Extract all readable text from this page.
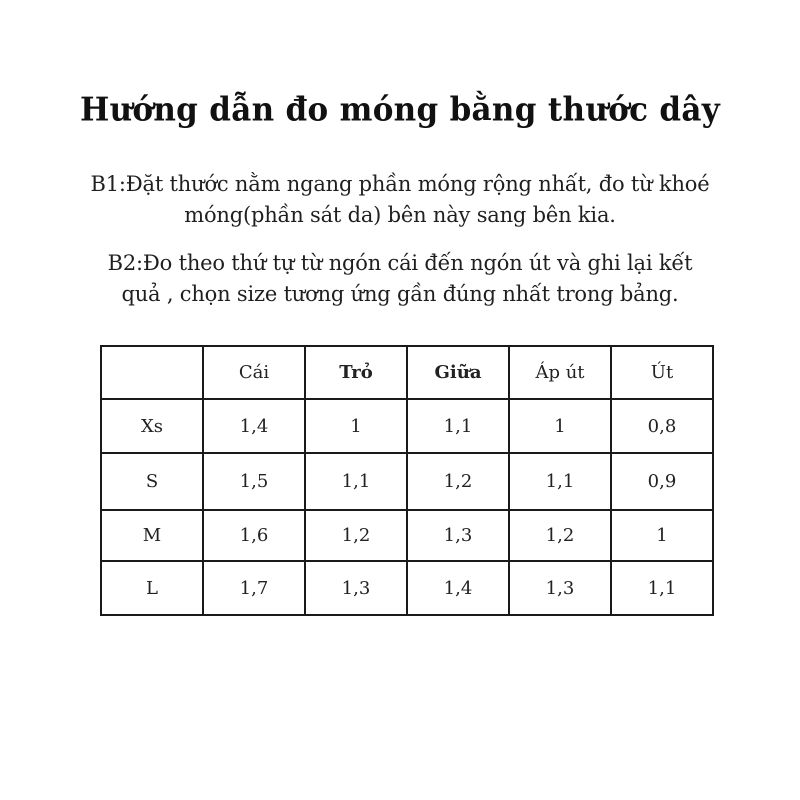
Hướng dẫn đo móng bằng thước dây
B1:Đặt thước nằm ngang phần móng rộng nhất, đo từ khoé
móng(phần sát da) bên này sang bên kia.
B2:Đo theo thứ tự từ ngón cái đến ngón út và ghi lại kết
quả , chọn size tương ứng gần đúng nhất trong bảng.
	Cái	Trỏ	Giữa	Áp út	Út
Xs	1,4	1	1,1	1	0,8
S	1,5	1,1	1,2	1,1	0,9
M	1,6	1,2	1,3	1,2	1
L	1,7	1,3	1,4	1,3	1,1
